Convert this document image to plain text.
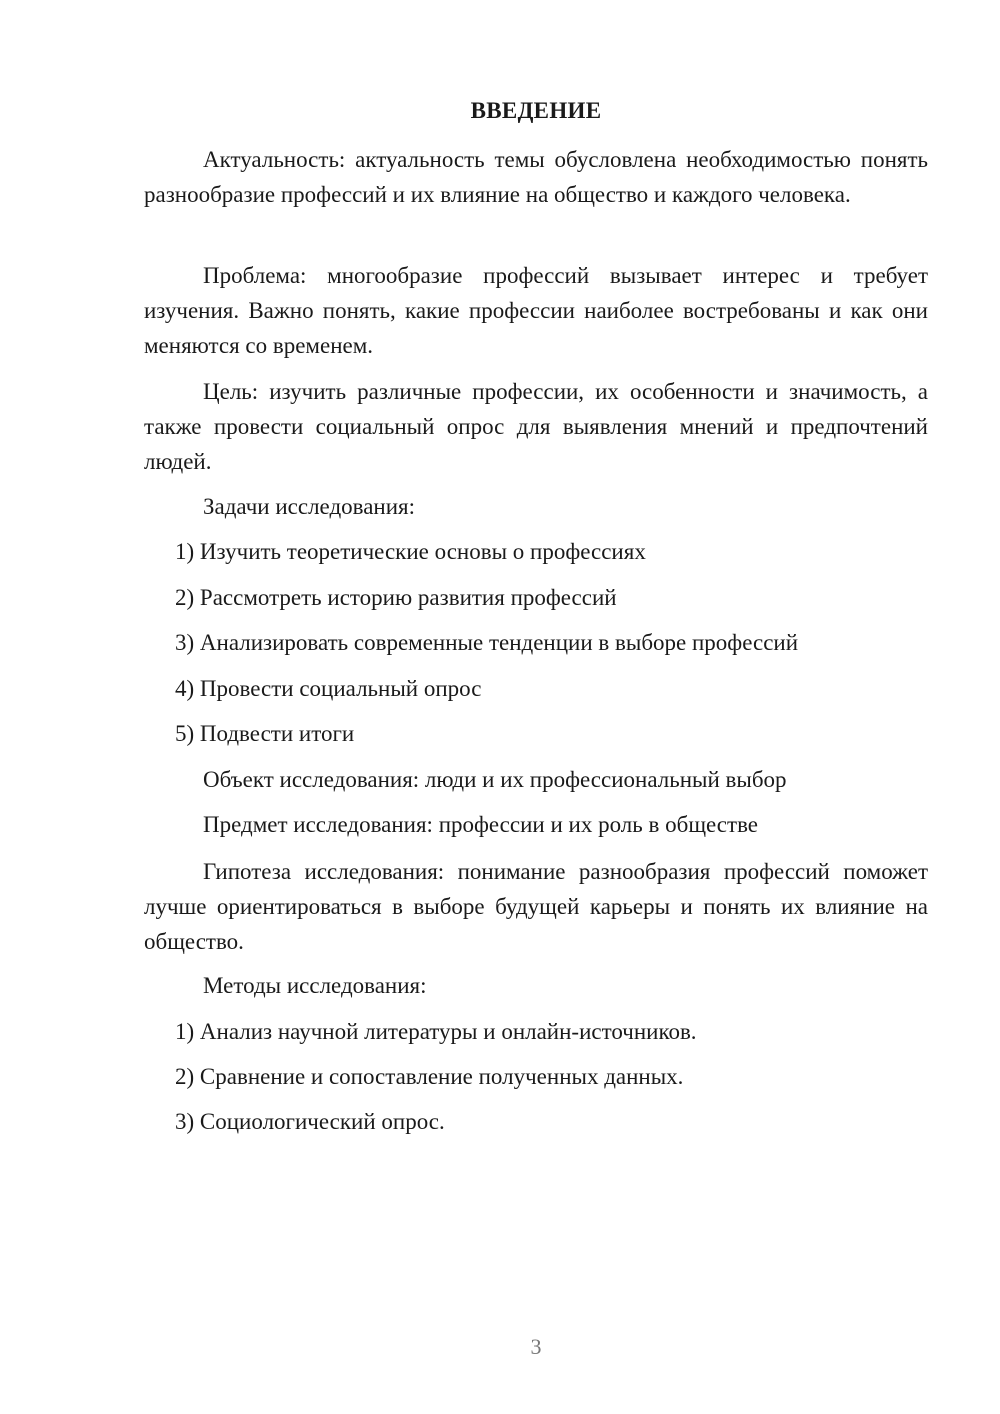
ВВЕДЕНИЕ

Актуальность: актуальность темы обусловлена необходимостью понять разнообразие профессий и их влияние на общество и каждого человека.

Проблема: многообразие профессий вызывает интерес и требует изучения. Важно понять, какие профессии наиболее востребованы и как они меняются со временем.

Цель: изучить различные профессии, их особенности и значимость, а также провести социальный опрос для выявления мнений и предпочтений людей.

Задачи исследования:
1) Изучить теоретические основы о профессиях
2) Рассмотреть историю развития профессий
3) Анализировать современные тенденции в выборе профессий
4) Провести социальный опрос
5) Подвести итоги
Объект исследования: люди и их профессиональный выбор
Предмет исследования: профессии и их роль в обществе

Гипотеза исследования: понимание разнообразия профессий поможет лучше ориентироваться в выборе будущей карьеры и понять их влияние на общество.

Методы исследования:
1) Анализ научной литературы и онлайн-источников.
2) Сравнение и сопоставление полученных данных.
3) Социологический опрос.
3
